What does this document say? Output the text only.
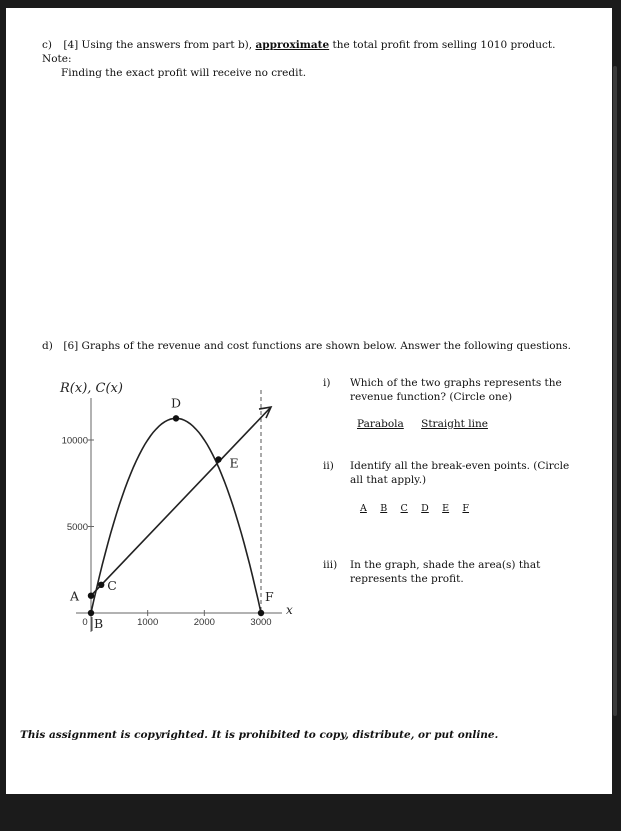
c) [4] Using the answers from part b), approximate the total profit from selling 1010 product. Note:
Finding the exact profit will receive no credit.
d) [6] Graphs of the revenue and cost functions are shown below. Answer the following questions.
0	1000	2000	3000
5000
10000
R(x), C(x)
x
A
B
C
D
E
F
i) Which of the two graphs represents the revenue function? (Circle one)
Parabola Straight line
ii) Identify all the break-even points. (Circle all that apply.)
A B C D E F
iii) In the graph, shade the area(s) that represents the profit.
This assignment is copyrighted. It is prohibited to copy, distribute, or put online.
